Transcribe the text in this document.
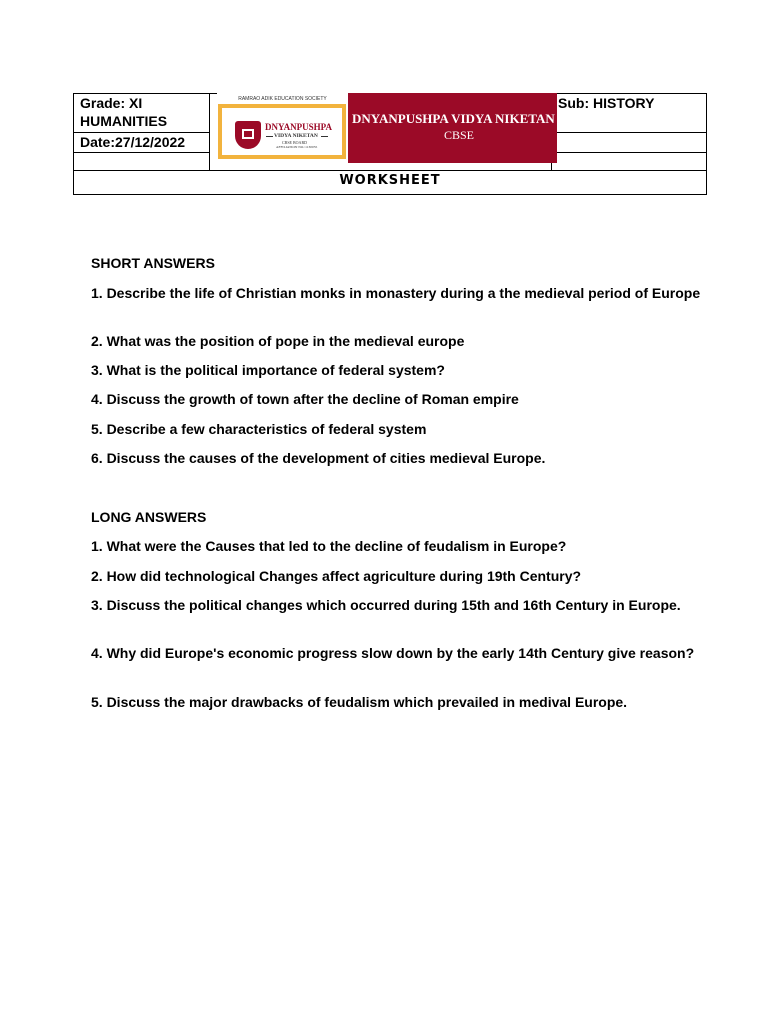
Grade: XI
HUMANITIES
Date:27/12/2022
Sub: HISTORY
RAMRAO ADIK EDUCATION SOCIETY
DNYANPUSHPA
VIDYA NIKETAN
CBSE BOARD
AFFILIATION NO.:1130055
DNYANPUSHPA VIDYA NIKETAN
CBSE
WORKSHEET
SHORT ANSWERS
1. Describe the life of Christian monks in monastery during a the medieval period of Europe
2. What was the position of pope in the medieval europe
3. What is the political importance of federal system?
4. Discuss the growth of town after the decline of Roman empire
5. Describe a few characteristics of federal system
6. Discuss the causes of the development of cities medieval Europe.
LONG ANSWERS
1. What were the Causes that led to the decline of feudalism in Europe?
2. How did technological Changes affect agriculture during 19th Century?
3. Discuss the political changes which occurred during 15th and 16th Century in Europe.
4. Why did Europe's economic progress slow down by the early 14th Century give reason?
5. Discuss the major drawbacks of feudalism which prevailed in medival Europe.
